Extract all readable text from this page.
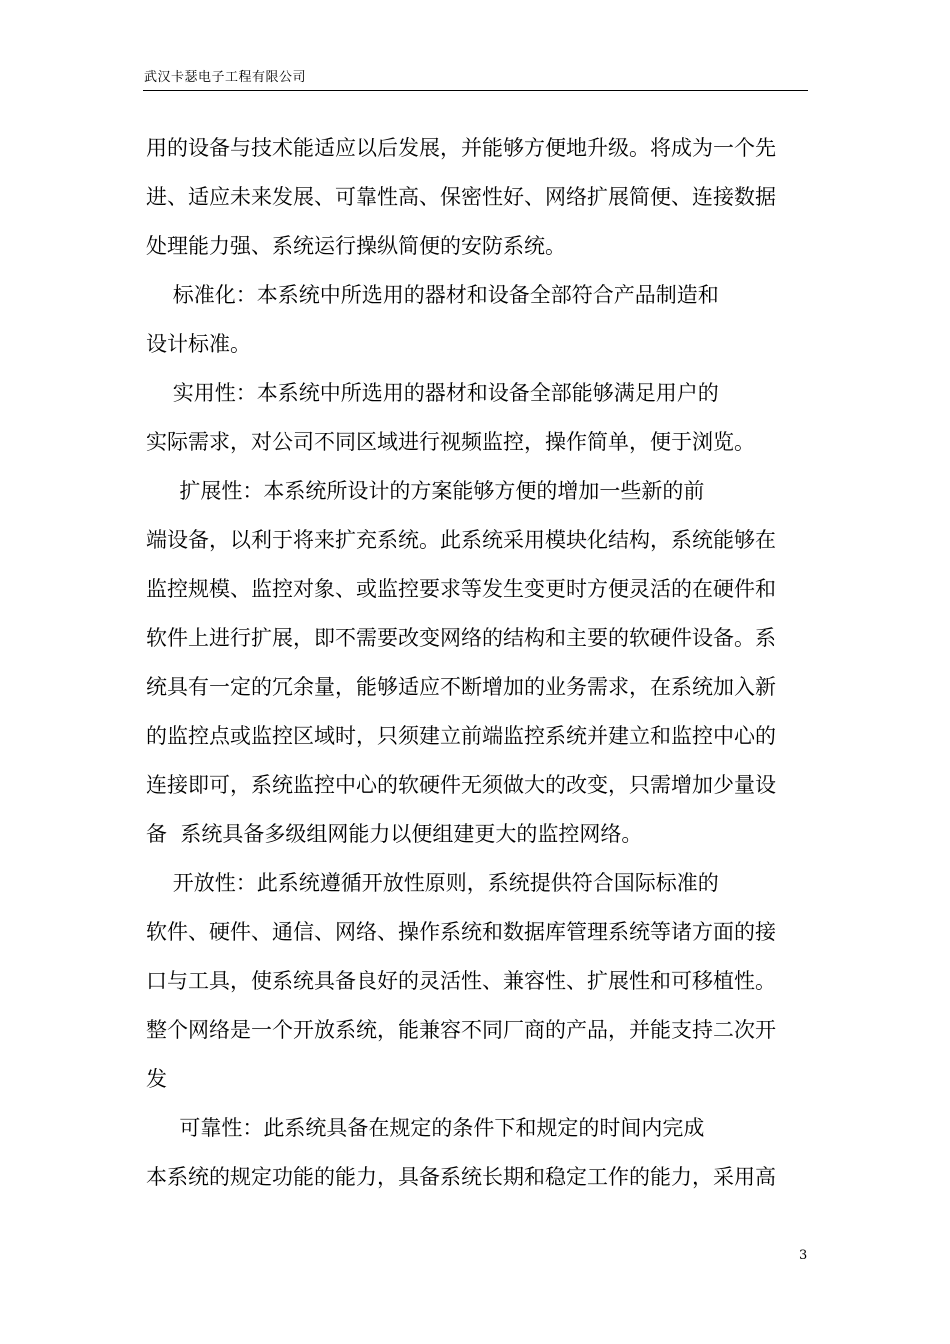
武汉卡瑟电子工程有限公司
用的设备与技术能适应以后发展，并能够方便地升级。将成为一个先
进、适应未来发展、可靠性高、保密性好、网络扩展简便、连接数据
处理能力强、系统运行操纵简便的安防系统。
标准化：本系统中所选用的器材和设备全部符合产品制造和
设计标准。
实用性：本系统中所选用的器材和设备全部能够满足用户的
实际需求，对公司不同区域进行视频监控，操作简单，便于浏览。
扩展性：本系统所设计的方案能够方便的增加一些新的前
端设备，以利于将来扩充系统。此系统采用模块化结构，系统能够在
监控规模、监控对象、或监控要求等发生变更时方便灵活的在硬件和
软件上进行扩展，即不需要改变网络的结构和主要的软硬件设备。系
统具有一定的冗余量，能够适应不断增加的业务需求，在系统加入新
的监控点或监控区域时，只须建立前端监控系统并建立和监控中心的
连接即可，系统监控中心的软硬件无须做大的改变，只需增加少量设
备  系统具备多级组网能力以便组建更大的监控网络。
开放性：此系统遵循开放性原则，系统提供符合国际标准的
软件、硬件、通信、网络、操作系统和数据库管理系统等诸方面的接
口与工具，使系统具备良好的灵活性、兼容性、扩展性和可移植性。
整个网络是一个开放系统，能兼容不同厂商的产品，并能支持二次开
发
可靠性：此系统具备在规定的条件下和规定的时间内完成
本系统的规定功能的能力，具备系统长期和稳定工作的能力，采用高
3
